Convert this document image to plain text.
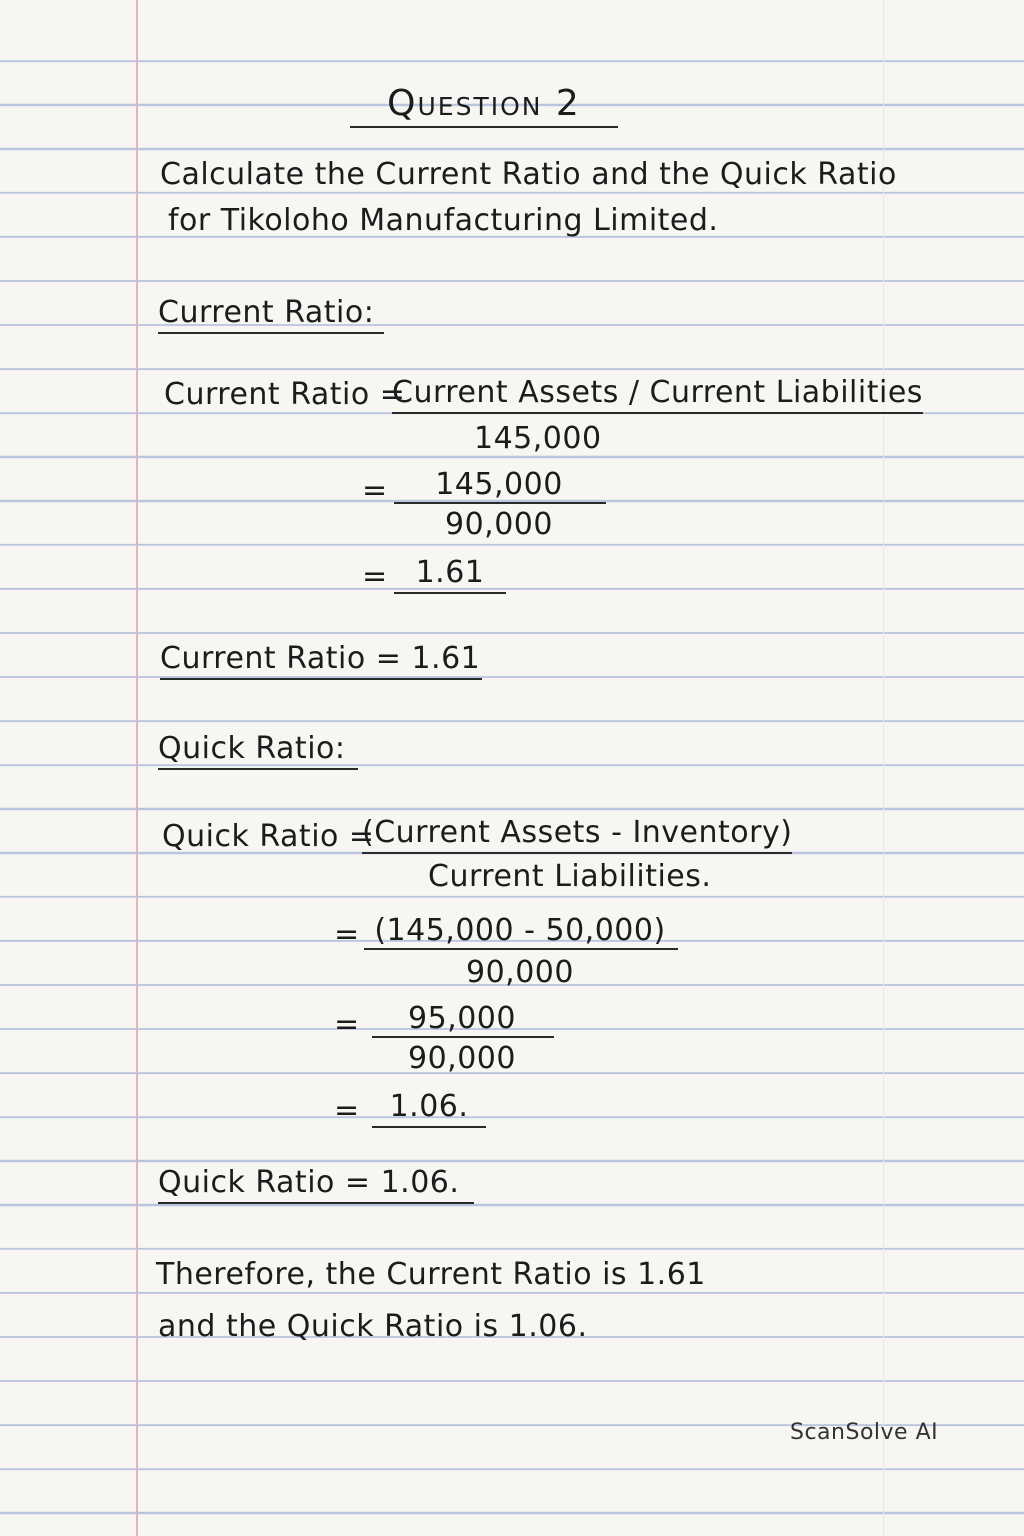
Question 2
Calculate the Current Ratio and the Quick Ratio
for Tikoloho Manufacturing Limited.
Current Ratio:
Current Ratio =
Current Assets / Current Liabilities
145,000
=	145,000
90,000
= 1.61
Current Ratio = 1.61
Quick Ratio:
Quick Ratio =
(Current Assets - Inventory)
Current Liabilities.
= (145,000 - 50,000)
90,000
=	95,000
90,000
= 1.06.
Quick Ratio = 1.06.
Therefore, the Current Ratio is 1.61
and the Quick Ratio is 1.06.
ScanSolve AI
